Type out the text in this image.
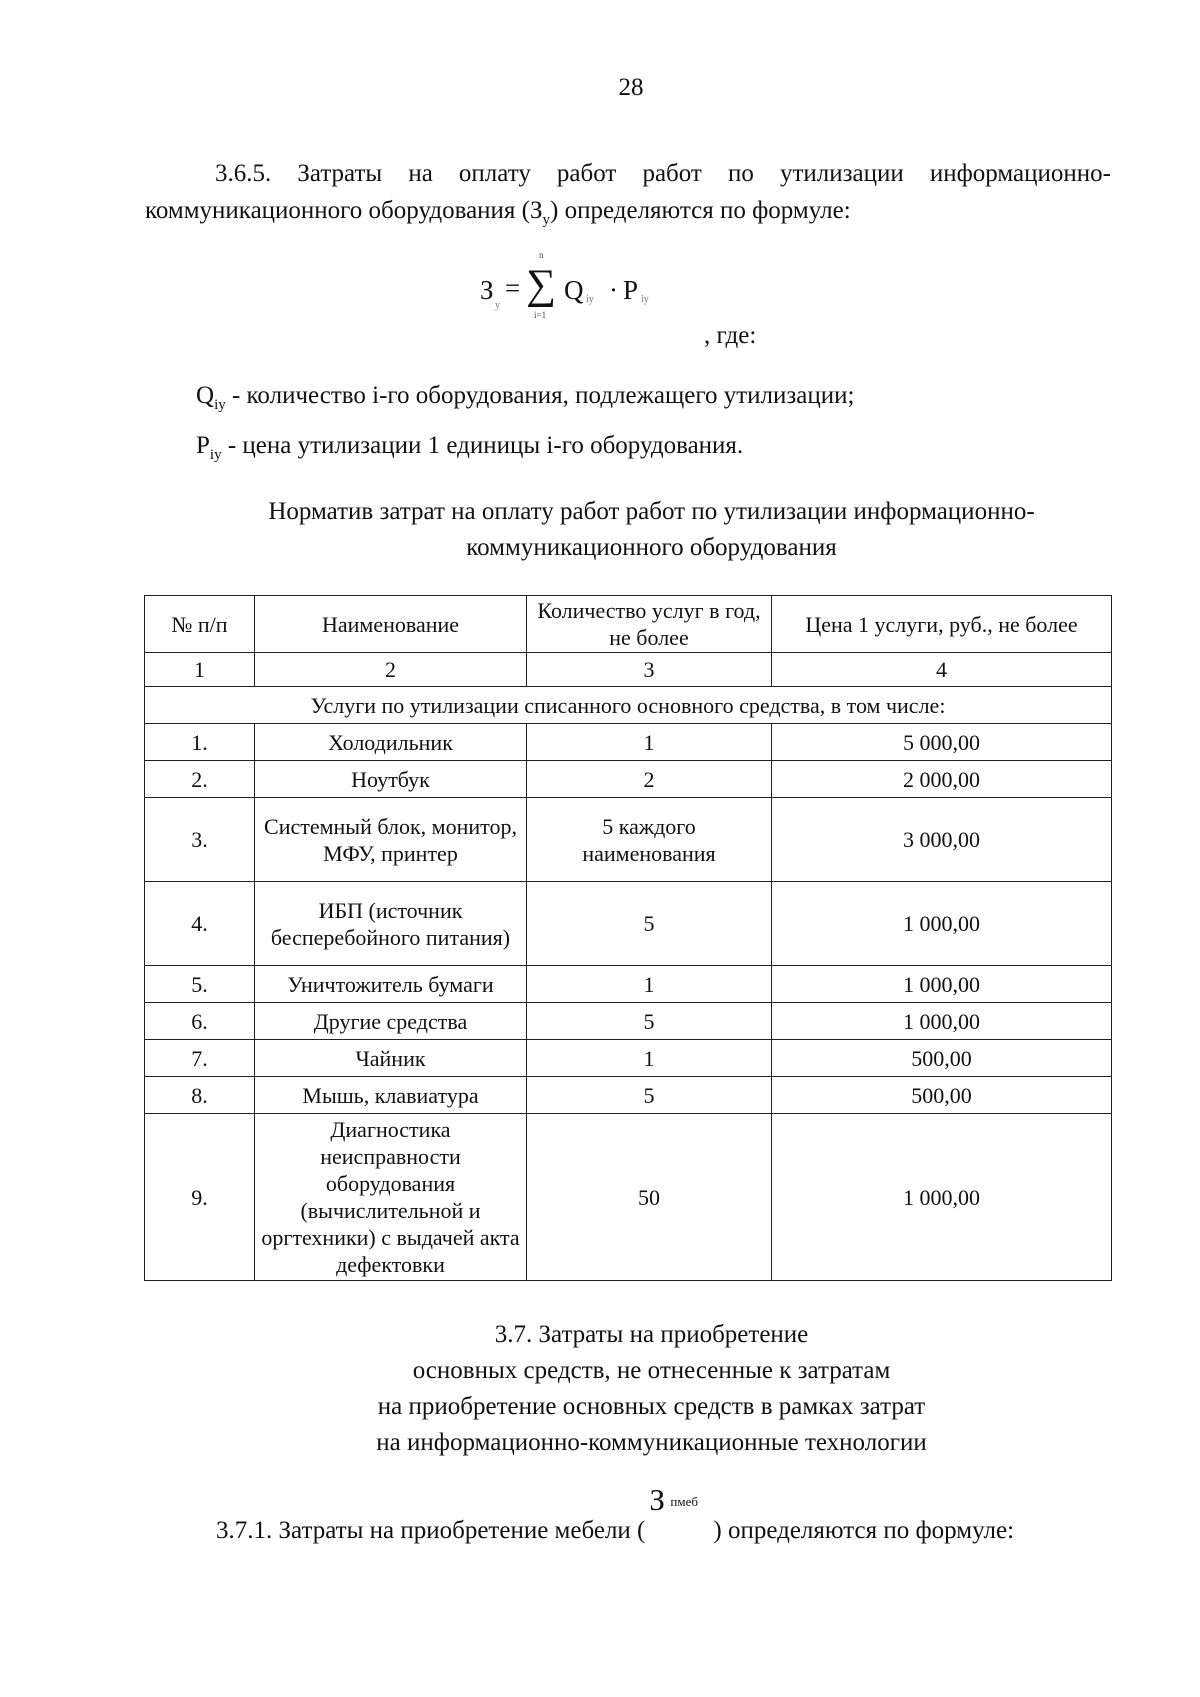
28
3.6.5. Затраты на оплату работ работ по утилизации информационно-
коммуникационного оборудования $(З_у)$ определяются по формуле:
З
у
=
n
∑
i=1
Q iу · P iу
, где:
$Q_{iy}$ - количество i-го оборудования, подлежащего утилизации;
$P_{iy}$ - цена утилизации 1 единицы i-го оборудования.
Норматив затрат на оплату работ работ по утилизации информационно-
коммуникационного оборудования
№ п/п	Наименование	Количество услуг в год, не более	Цена 1 услуги, руб., не более
1	2	3	4
Услуги по утилизации списанного основного средства, в том числе:			
1.	Холодильник	1	5 000,00
2.	Ноутбук	2	2 000,00
3.	Системный блок, монитор, МФУ, принтер	5 каждого наименования	3 000,00
4.	ИБП (источник бесперебойного питания)	5	1 000,00
5.	Уничтожитель бумаги	1	1 000,00
6.	Другие средства	5	1 000,00
7.	Чайник	1	500,00
8.	Мышь, клавиатура	5	500,00
9.	Диагностика неисправности оборудования (вычислительной и оргтехники) с выдачей акта дефектовки	50	1 000,00
3.7. Затраты на приобретение
основных средств, не отнесенные к затратам
на приобретение основных средств в рамках затрат
на информационно-коммуникационные технологии
3.7.1. Затраты на приобретение мебели (
З пмеб
) определяются по формуле:
